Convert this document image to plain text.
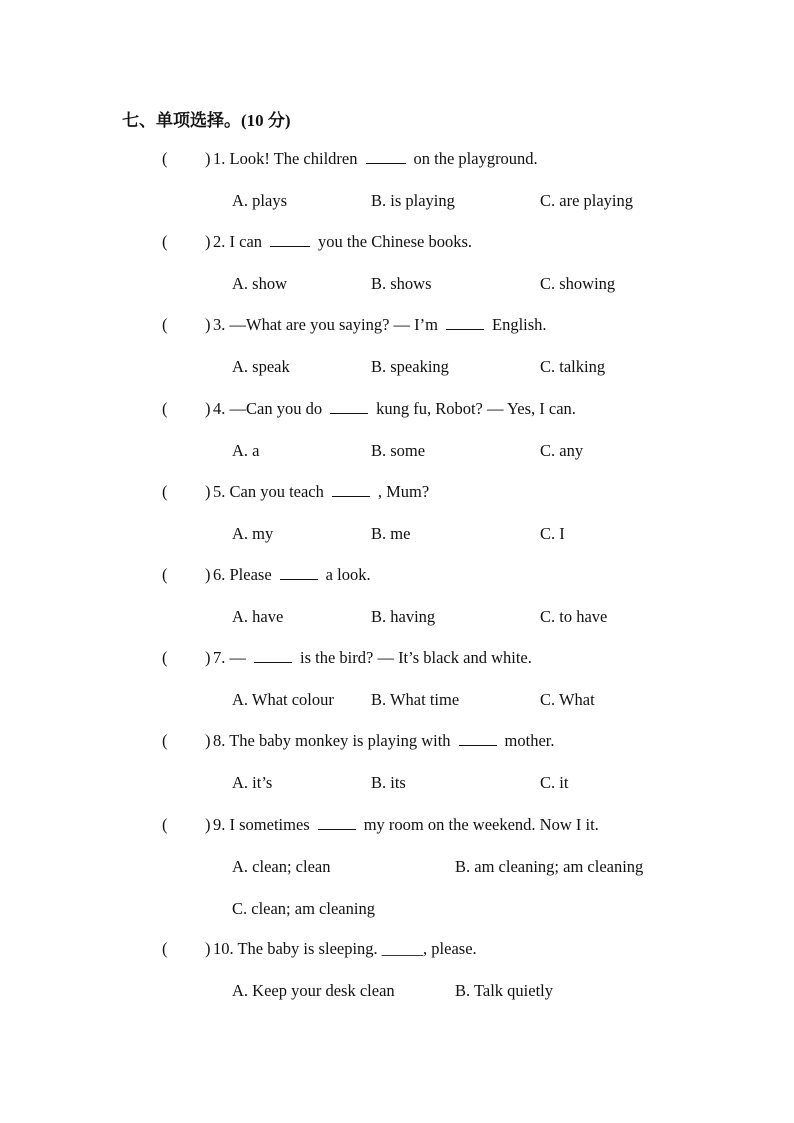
七、单项选择。(10 分)
( ) 1. Look! The children	on the playground.
A. plays	B. is playing	C. are playing
( ) 2. I can	you the Chinese books.
A. show	B. shows	C. showing
( ) 3. —What are you saying? — I’m	English.
A. speak	B. speaking	C. talking
( ) 4. —Can you do	kung fu, Robot? — Yes, I can.
A. a	B. some	C. any
( ) 5. Can you teach	, Mum?
A. my	B. me	C. I
( ) 6. Please	a look.
A. have	B. having	C. to have
( ) 7. —	is the bird? — It’s black and white.
A. What colour B. What time	C. What
( ) 8. The baby monkey is playing with	mother.
A. it’s	B. its	C. it
( ) 9. I sometimes	my room on the weekend. Now I it.
A. clean; clean	B. am cleaning; am cleaning
C. clean; am cleaning
( ) 10. The baby is sleeping. _____, please.
A. Keep your desk clean	B. Talk quietly
